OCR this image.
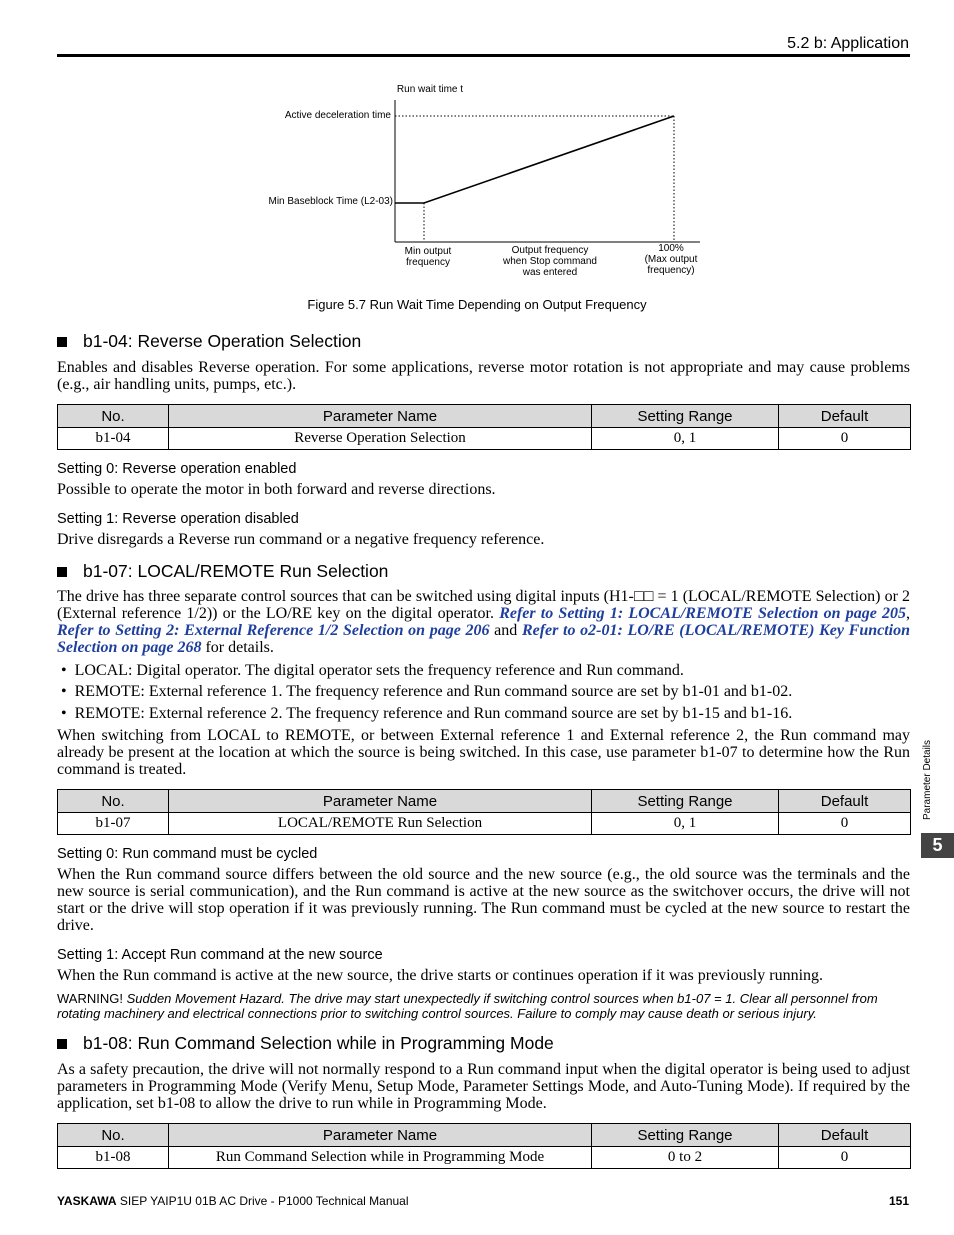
5.2 b: Application
Run wait time t
Active deceleration time
Min Baseblock Time (L2-03)
Min output
frequency
Output frequency
when Stop command
was entered
100%
(Max output
frequency)
Figure 5.7 Run Wait Time Depending on Output Frequency
b1-04: Reverse Operation Selection
Enables and disables Reverse operation. For some applications, reverse motor rotation is not appropriate and may cause problems (e.g., air handling units, pumps, etc.).
No.	Parameter Name	Setting Range	Default
b1-04	Reverse Operation Selection	0, 1	0
Setting 0: Reverse operation enabled
Possible to operate the motor in both forward and reverse directions.
Setting 1: Reverse operation disabled
Drive disregards a Reverse run command or a negative frequency reference.
b1-07: LOCAL/REMOTE Run Selection
The drive has three separate control sources that can be switched using digital inputs (H1-□□ = 1 (LOCAL/REMOTE Selection) or 2 (External reference 1/2)) or the LO/RE key on the digital operator. Refer to Setting 1: LOCAL/REMOTE Selection on page 205, Refer to Setting 2: External Reference 1/2 Selection on page 206 and Refer to o2-01: LO/RE (LOCAL/REMOTE) Key Function Selection on page 268 for details.
•  LOCAL: Digital operator. The digital operator sets the frequency reference and Run command.
•  REMOTE: External reference 1. The frequency reference and Run command source are set by b1-01 and b1-02.
•  REMOTE: External reference 2. The frequency reference and Run command source are set by b1-15 and b1-16.
When switching from LOCAL to REMOTE, or between External reference 1 and External reference 2, the Run command may already be present at the location at which the source is being switched. In this case, use parameter b1-07 to determine how the Run command is treated.
No.	Parameter Name	Setting Range	Default
b1-07	LOCAL/REMOTE Run Selection	0, 1	0
Setting 0: Run command must be cycled
When the Run command source differs between the old source and the new source (e.g., the old source was the terminals and the new source is serial communication), and the Run command is active at the new source as the switchover occurs, the drive will not start or the drive will stop operation if it was previously running. The Run command must be cycled at the new source to restart the drive.
Setting 1: Accept Run command at the new source
When the Run command is active at the new source, the drive starts or continues operation if it was previously running.
WARNING! Sudden Movement Hazard. The drive may start unexpectedly if switching control sources when b1-07 = 1. Clear all personnel from rotating machinery and electrical connections prior to switching control sources. Failure to comply may cause death or serious injury.
b1-08: Run Command Selection while in Programming Mode
As a safety precaution, the drive will not normally respond to a Run command input when the digital operator is being used to adjust parameters in Programming Mode (Verify Menu, Setup Mode, Parameter Settings Mode, and Auto-Tuning Mode). If required by the application, set b1-08 to allow the drive to run while in Programming Mode.
No.	Parameter Name	Setting Range	Default
b1-08	Run Command Selection while in Programming Mode	0 to 2	0
Parameter Details
5
YASKAWA SIEP YAIP1U 01B AC Drive - P1000 Technical Manual	151
